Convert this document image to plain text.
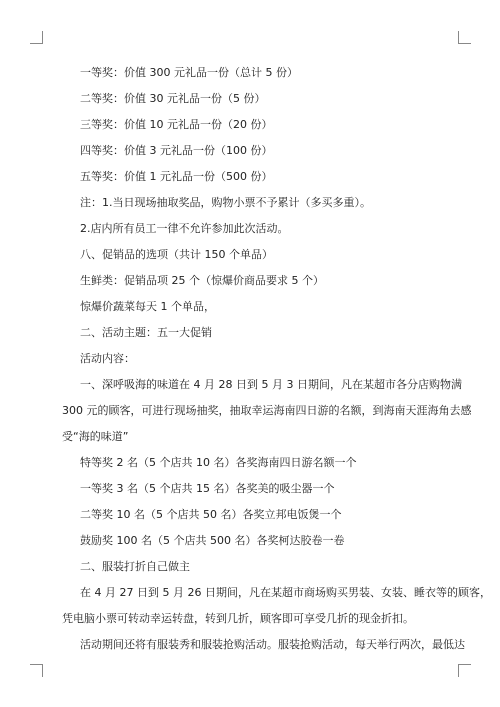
一等奖：价值 300 元礼品一份（总计 5 份）
二等奖：价值 30 元礼品一份（5 份）
三等奖：价值 10 元礼品一份（20 份）
四等奖：价值 3 元礼品一份（100 份）
五等奖：价值 1 元礼品一份（500 份）
注：1.当日现场抽取奖品，购物小票不予累计（多买多重）。
2.店内所有员工一律不允许参加此次活动。
八、促销品的选项（共计 150 个单品）
生鲜类：促销品项 25 个（惊爆价商品要求 5 个）
惊爆价蔬菜每天 1 个单品，
二、活动主题：五一大促销
活动内容：
一、深呼吸海的味道在 4 月 28 日到 5 月 3 日期间，凡在某超市各分店购物满
300 元的顾客，可进行现场抽奖，抽取幸运海南四日游的名额，到海南天涯海角去感
受“海的味道”
特等奖 2 名（5 个店共 10 名）各奖海南四日游名额一个
一等奖 3 名（5 个店共 15 名）各奖美的吸尘器一个
二等奖 10 名（5 个店共 50 名）各奖立邦电饭煲一个
鼓励奖 100 名（5 个店共 500 名）各奖柯达胶卷一卷
二、服装打折自己做主
在 4 月 27 日到 5 月 26 日期间，凡在某超市商场购买男装、女装、睡衣等的顾客，
凭电脑小票可转动幸运转盘，转到几折，顾客即可享受几折的现金折扣。
活动期间还将有服装秀和服装抢购活动。服装抢购活动，每天举行两次，最低达
